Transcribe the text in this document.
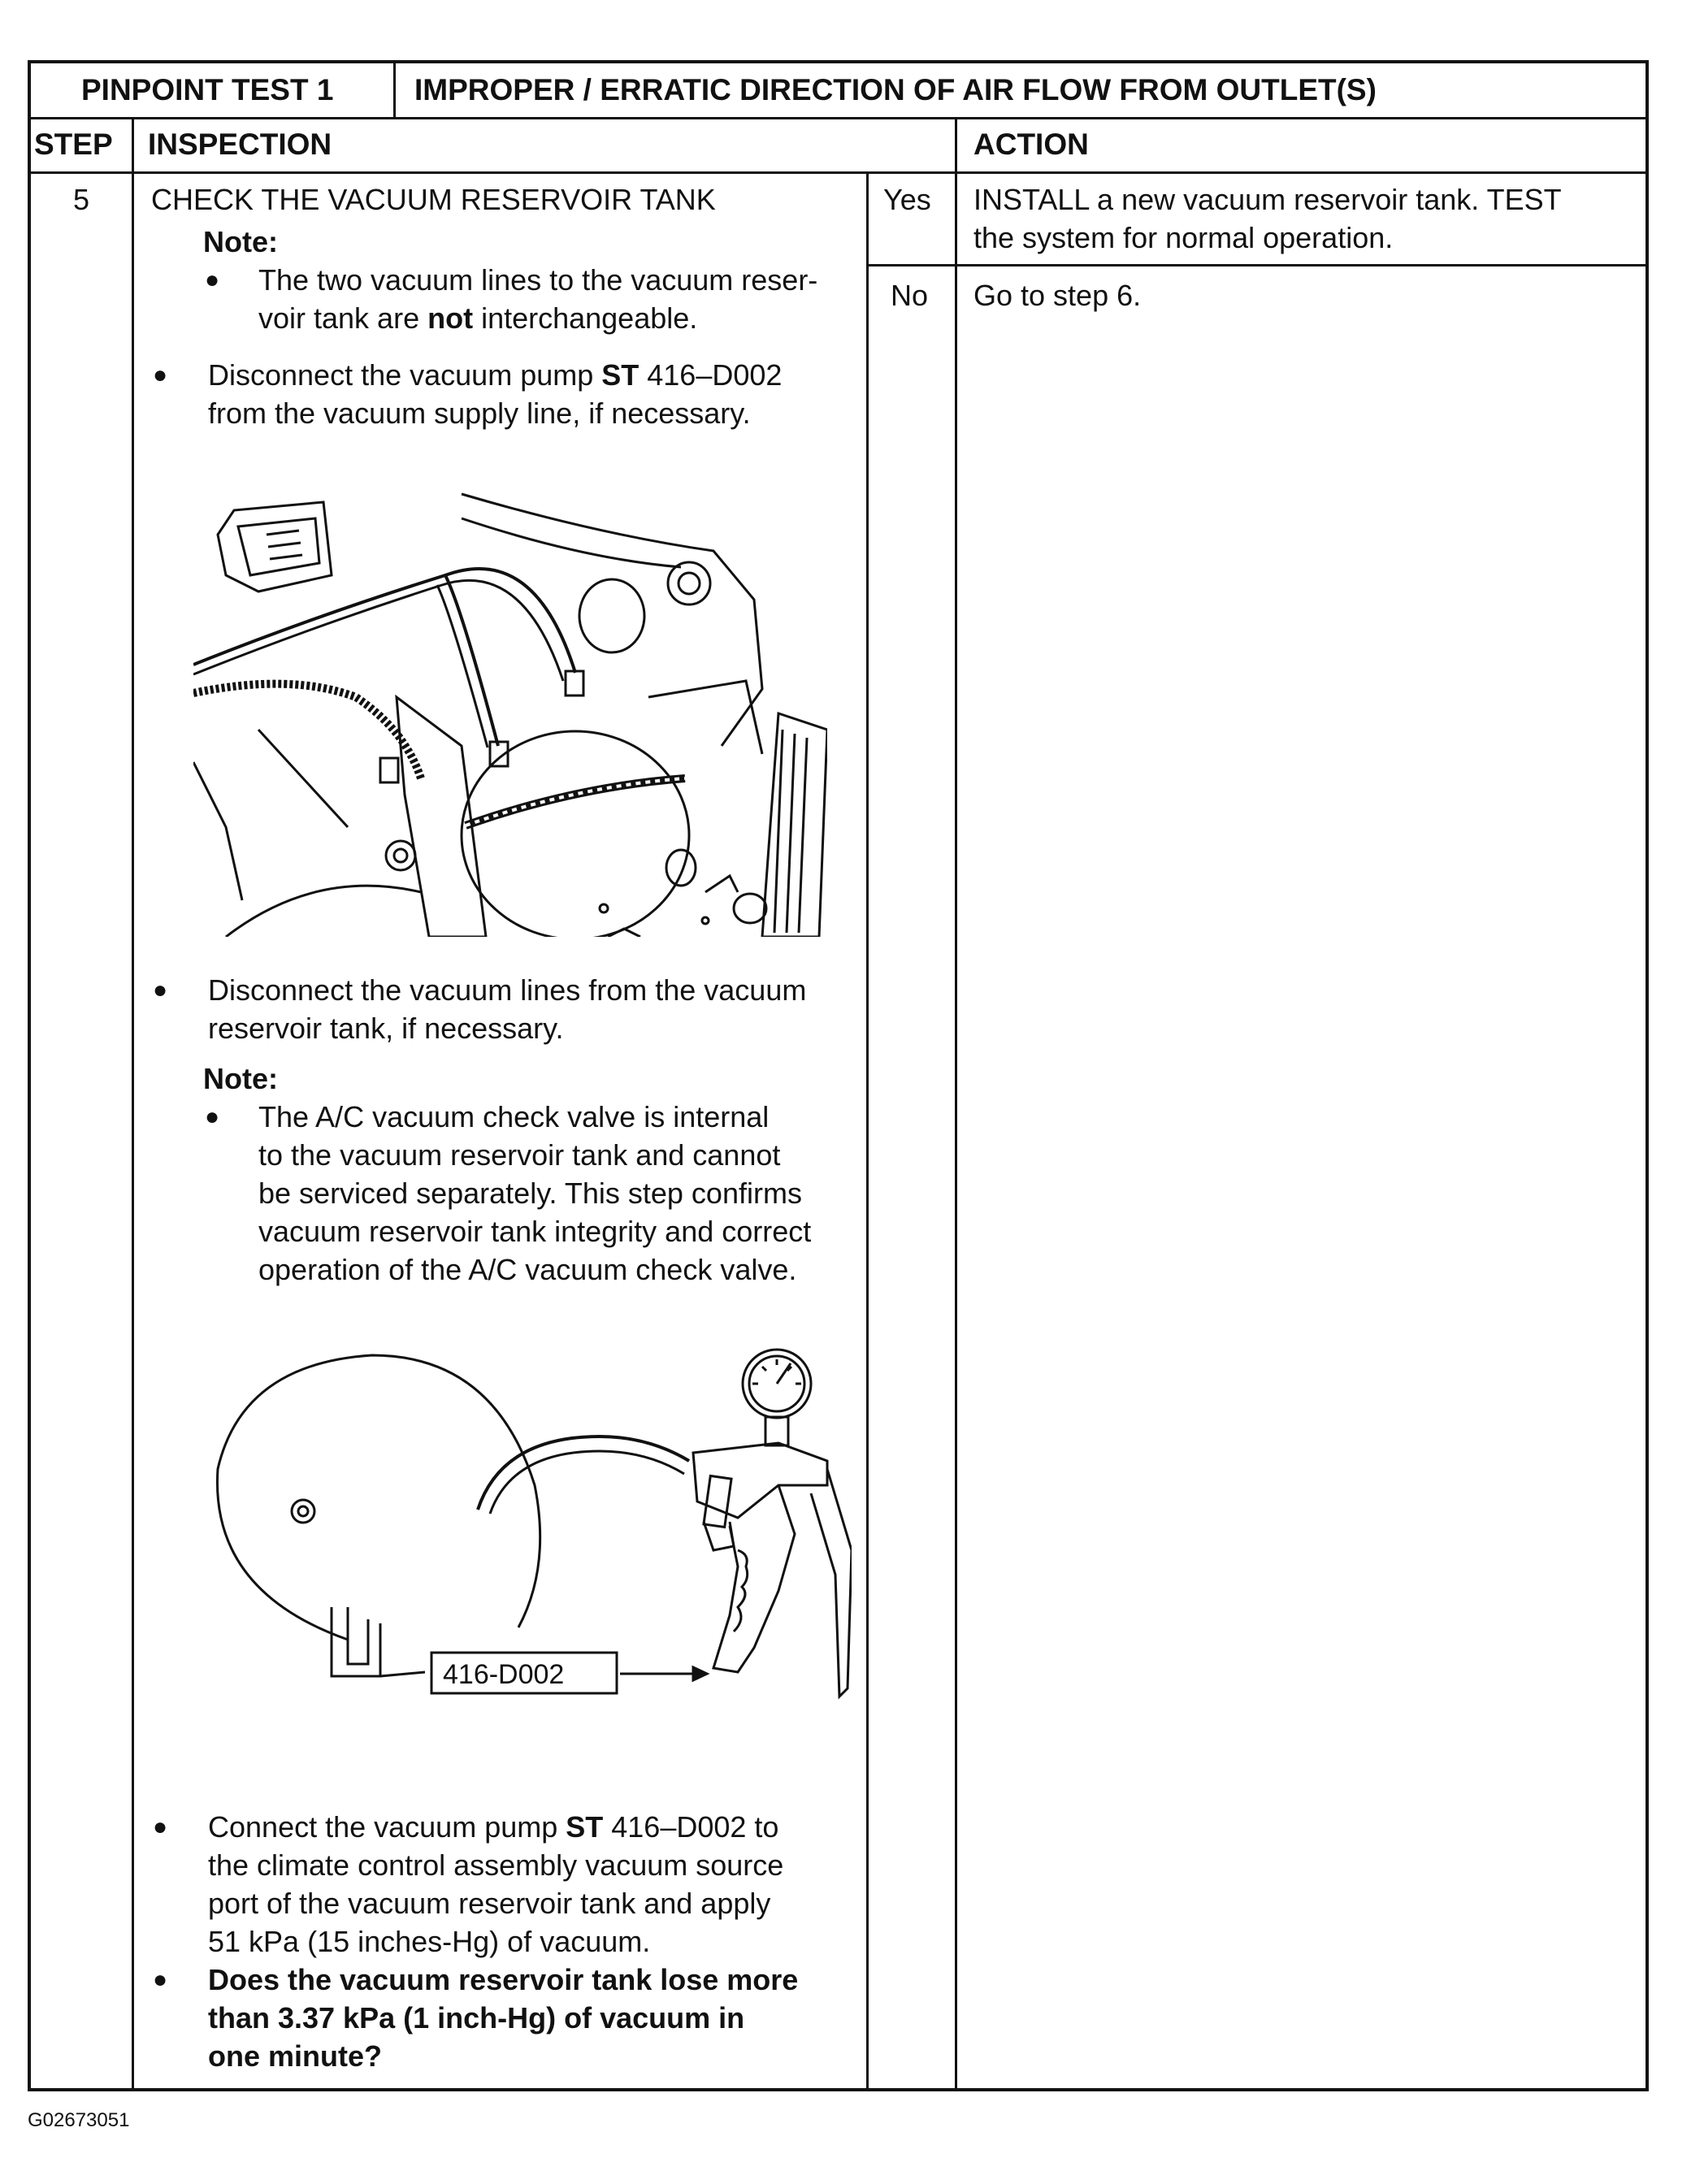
PINPOINT TEST 1	IMPROPER / ERRATIC DIRECTION OF AIR FLOW FROM OUTLET(S)
STEP INSPECTION	ACTION
5 CHECK THE VACUUM RESERVOIR TANK
Note:
● The two vacuum lines to the vacuum reser-
voir tank are not interchangeable.
● Disconnect the vacuum pump ST 416–D002
from the vacuum supply line, if necessary.
● Disconnect the vacuum lines from the vacuum
reservoir tank, if necessary.
Note:
● The A/C vacuum check valve is internal
to the vacuum reservoir tank and cannot
be serviced separately. This step confirms
vacuum reservoir tank integrity and correct
operation of the A/C vacuum check valve.
416-D002
● Connect the vacuum pump ST 416–D002 to
the climate control assembly vacuum source
port of the vacuum reservoir tank and apply
51 kPa (15 inches-Hg) of vacuum.
● Does the vacuum reservoir tank lose more
than 3.37 kPa (1 inch-Hg) of vacuum in
one minute?
Yes INSTALL a new vacuum reservoir tank. TEST
the system for normal operation.
No Go to step 6.
G02673051
